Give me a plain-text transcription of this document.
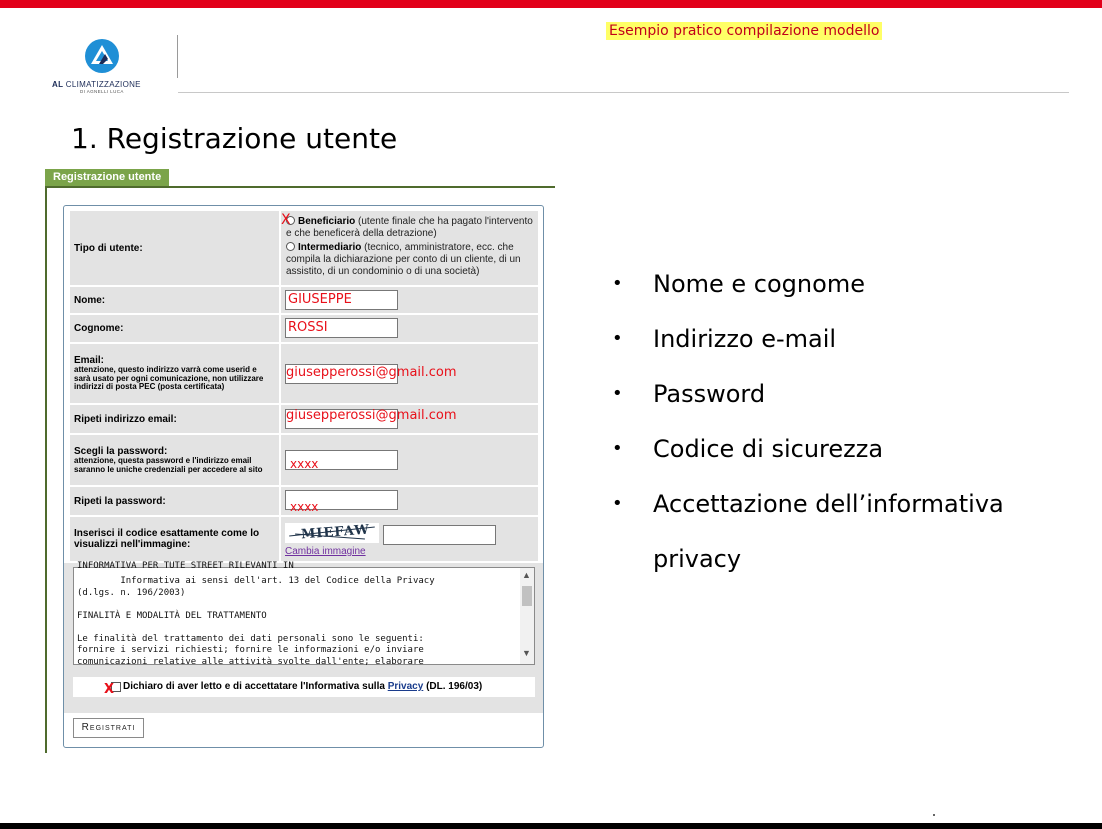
AL CLIMATIZZAZIONE
DI AGNELLI LUCA
Esempio pratico compilazione modello
1. Registrazione utente
Registrazione utente
Tipo di utente:
Beneficiario (utente finale che ha pagato l'intervento e che beneficerà della detrazione)
Intermediario (tecnico, amministratore, ecc. che compila la dichiarazione per conto di un cliente, di un assistito, di un condominio o di una società)
X
Nome:	GIUSEPPE
Cognome:	ROSSI
Email:
attenzione, questo indirizzo varrà come userid e sarà usato per ogni comunicazione, non utilizzare indirizzi di posta PEC (posta certificata)
giusepperossi@gmail.com
Ripeti indirizzo email:	giusepperossi@gmail.com
Scegli la password:
attenzione, questa password e l'indirizzo email saranno le uniche credenziali per accedere al sito	xxxx
Ripeti la password:	xxxx
Inserisci il codice esattamente come lo visualizzi nell'immagine:
MIEFAW
Cambia immagine
INFORMATIVA PER TUTE STREET RILEVANTI IN
Informativa ai sensi dell'art. 13 del Codice della Privacy
(d.lgs. n. 196/2003)

FINALITÀ E MODALITÀ DEL TRATTAMENTO

Le finalità del trattamento dei dati personali sono le seguenti:
fornire i servizi richiesti; fornire le informazioni e/o inviare
comunicazioni relative alle attività svolte dall'ente; elaborare
▲
▼
X Dichiaro di aver letto e di accettatare l'Informativa sulla Privacy (DL. 196/03)
Registrati
• Nome e cognome
• Indirizzo e-mail
• Password
• Codice di sicurezza
• Accettazione dell’informativa
privacy
